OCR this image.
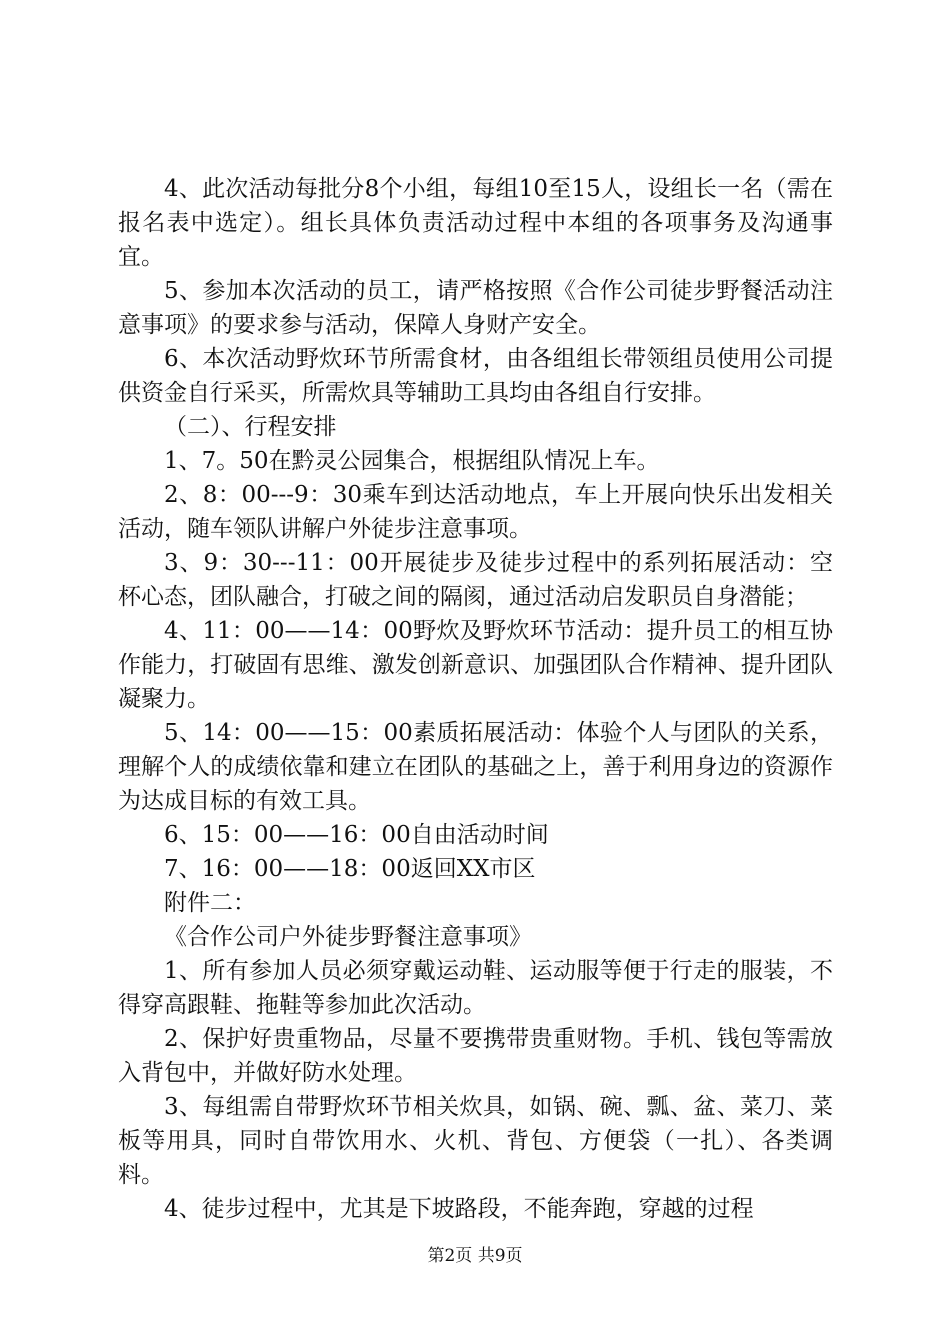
4、此次活动每批分8个小组，每组10至15人，设组长一名（需在报名表中选定）。组长具体负责活动过程中本组的各项事务及沟通事宜。

5、参加本次活动的员工，请严格按照《合作公司徒步野餐活动注意事项》的要求参与活动，保障人身财产安全。

6、本次活动野炊环节所需食材，由各组组长带领组员使用公司提供资金自行采买，所需炊具等辅助工具均由各组自行安排。

（二）、行程安排

1、7。50在黔灵公园集合，根据组队情况上车。

2、8：00---9：30乘车到达活动地点，车上开展向快乐出发相关活动，随车领队讲解户外徒步注意事项。

3、9：30---11：00开展徒步及徒步过程中的系列拓展活动：空杯心态，团队融合，打破之间的隔阂，通过活动启发职员自身潜能；

4、11：00——14：00野炊及野炊环节活动：提升员工的相互协作能力，打破固有思维、激发创新意识、加强团队合作精神、提升团队凝聚力。

5、14：00——15：00素质拓展活动：体验个人与团队的关系，理解个人的成绩依靠和建立在团队的基础之上，善于利用身边的资源作为达成目标的有效工具。

6、15：00——16：00自由活动时间

7、16：00——18：00返回XX市区

附件二：

《合作公司户外徒步野餐注意事项》

1、所有参加人员必须穿戴运动鞋、运动服等便于行走的服装，不得穿高跟鞋、拖鞋等参加此次活动。

2、保护好贵重物品，尽量不要携带贵重财物。手机、钱包等需放入背包中，并做好防水处理。

3、每组需自带野炊环节相关炊具，如锅、碗、瓢、盆、菜刀、菜板等用具，同时自带饮用水、火机、背包、方便袋（一扎）、各类调料。

4、徒步过程中，尤其是下坡路段，不能奔跑，穿越的过程

第2页 共9页
